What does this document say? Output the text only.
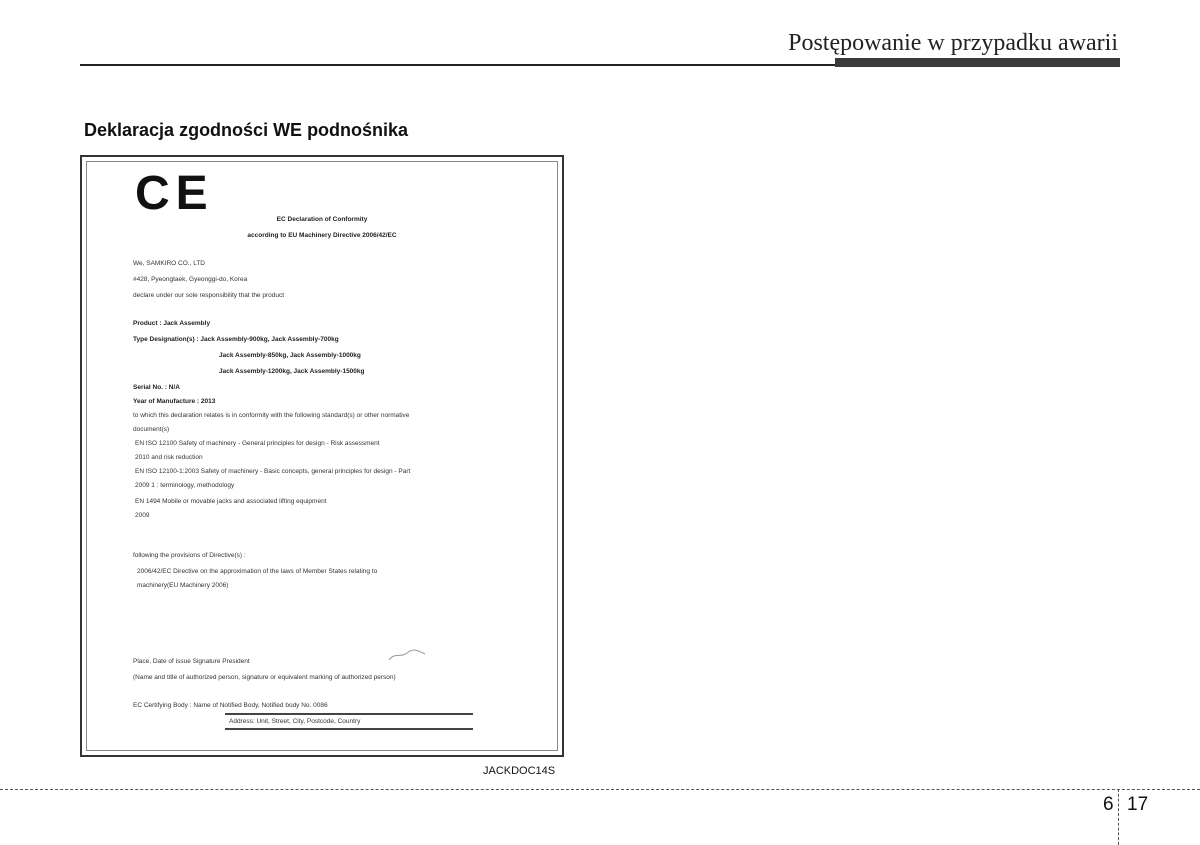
Postępowanie w przypadku awarii
Deklaracja zgodności WE podnośnika
CE	EC Declaration of Conformity
according to EU Machinery Directive 2006/42/EC
We, SAMKIRO CO., LTD
#428, Pyeongtaek, Gyeonggi-do, Korea
declare under our sole responsibility that the product
Product : Jack Assembly
Type Designation(s) : Jack Assembly-900kg, Jack Assembly-700kg
Jack Assembly-850kg, Jack Assembly-1000kg
Jack Assembly-1200kg, Jack Assembly-1500kg
Serial No. : N/A
Year of Manufacture : 2013
to which this declaration relates is in conformity with the following standard(s) or other normative
document(s)
EN ISO 12100 Safety of machinery - General principles for design - Risk assessment
2010 and risk reduction
EN ISO 12100-1:2003 Safety of machinery - Basic concepts, general principles for design - Part
2009 1 : terminology, methodology
EN 1494 Mobile or movable jacks and associated lifting equipment
2009
following the provisions of Directive(s) :
2006/42/EC Directive on the approximation of the laws of Member States relating to
machinery(EU Machinery 2006)
Place, Date of issue Signature President
(Name and title of authorized person, signature or equivalent marking of authorized person)
EC Certifying Body : Name of Notified Body, Notified body No. 0086
Address: Unit, Street, City, Postcode, Country
JACKDOC14S
6 17
